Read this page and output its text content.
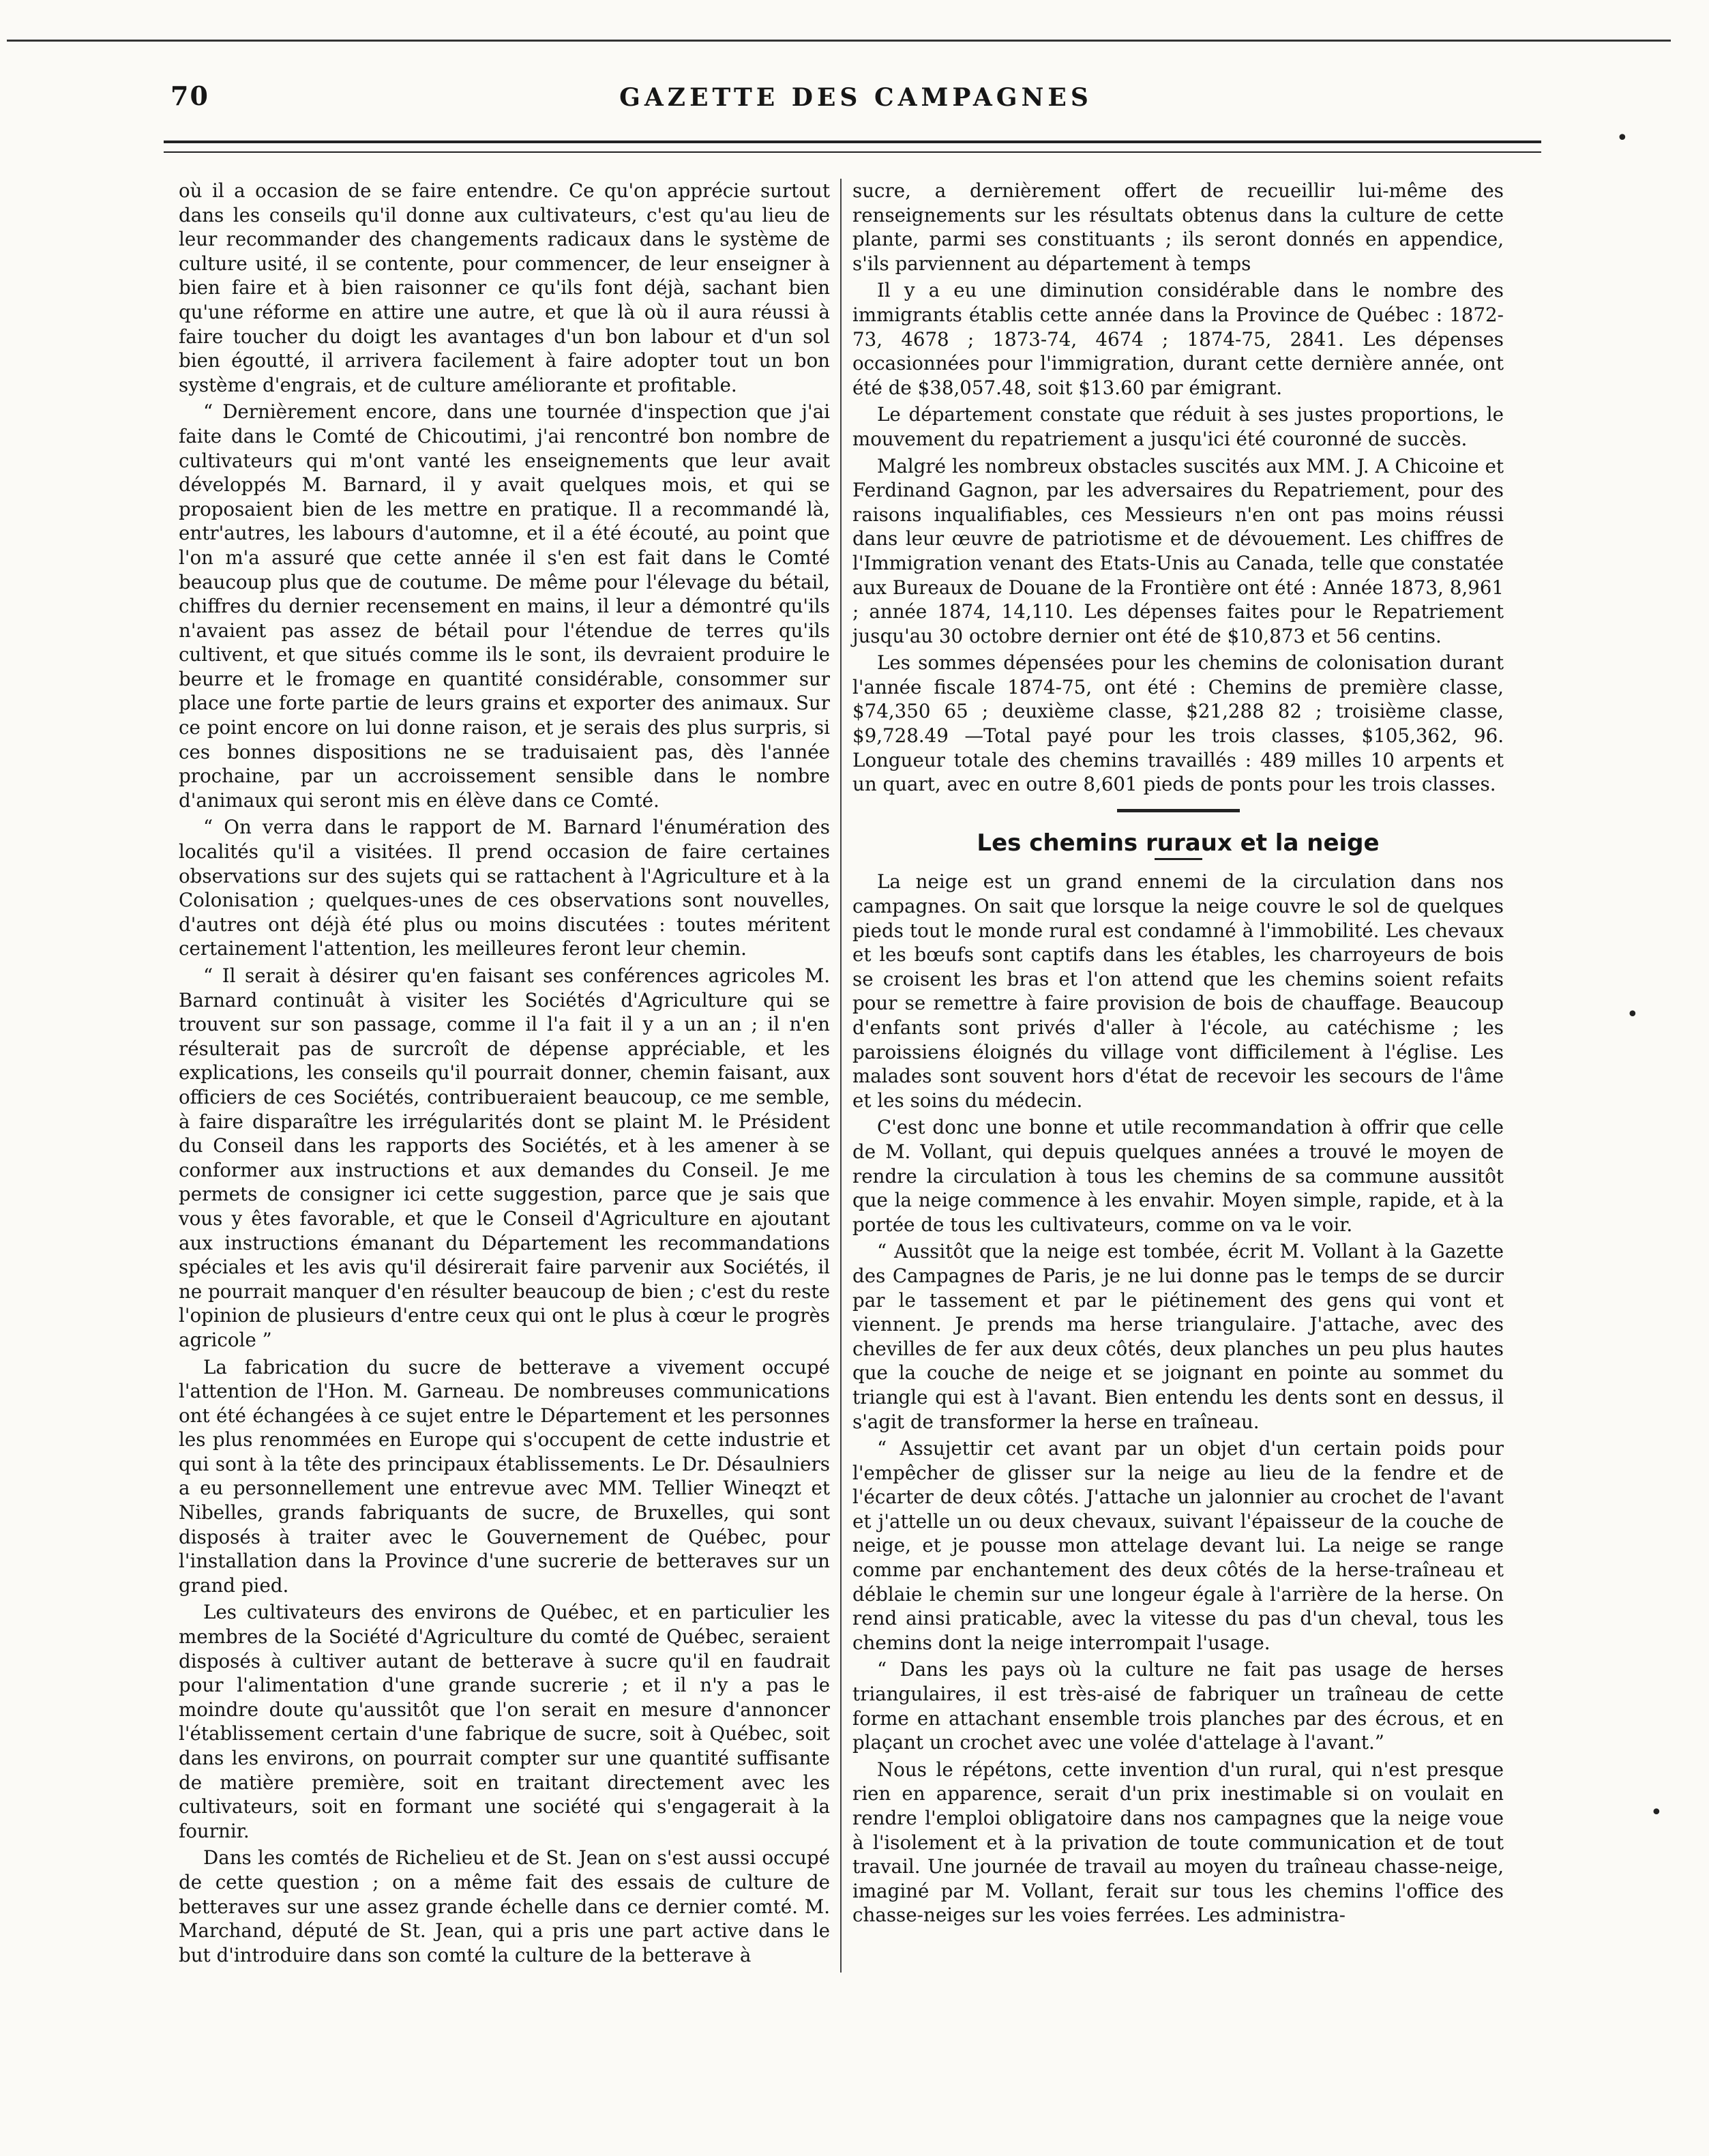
70	GAZETTE DES CAMPAGNES

où il a occasion de se faire entendre. Ce qu'on apprécie surtout dans les conseils qu'il donne aux cultivateurs, c'est qu'au lieu de leur recommander des changements radicaux dans le système de culture usité, il se contente, pour commencer, de leur enseigner à bien faire et à bien raisonner ce qu'ils font déjà, sachant bien qu'une réforme en attire une autre, et que là où il aura réussi à faire toucher du doigt les avantages d'un bon labour et d'un sol bien égoutté, il arrivera facilement à faire adopter tout un bon système d'engrais, et de culture améliorante et profitable.

“ Dernièrement encore, dans une tournée d'inspection que j'ai faite dans le Comté de Chicoutimi, j'ai rencontré bon nombre de cultivateurs qui m'ont vanté les enseignements que leur avait développés M. Barnard, il y avait quelques mois, et qui se proposaient bien de les mettre en pratique. Il a recommandé là, entr'autres, les labours d'automne, et il a été écouté, au point que l'on m'a assuré que cette année il s'en est fait dans le Comté beaucoup plus que de coutume. De même pour l'élevage du bétail, chiffres du dernier recensement en mains, il leur a démontré qu'ils n'avaient pas assez de bétail pour l'étendue de terres qu'ils cultivent, et que situés comme ils le sont, ils devraient produire le beurre et le fromage en quantité considérable, consommer sur place une forte partie de leurs grains et exporter des animaux. Sur ce point encore on lui donne raison, et je serais des plus surpris, si ces bonnes dispositions ne se traduisaient pas, dès l'année prochaine, par un accroissement sensible dans le nombre d'animaux qui seront mis en élève dans ce Comté.

“ On verra dans le rapport de M. Barnard l'énumération des localités qu'il a visitées. Il prend occasion de faire certaines observations sur des sujets qui se rattachent à l'Agriculture et à la Colonisation ; quelques-unes de ces observations sont nouvelles, d'autres ont déjà été plus ou moins discutées : toutes méritent certainement l'attention, les meilleures feront leur chemin.

“ Il serait à désirer qu'en faisant ses conférences agricoles M. Barnard continuât à visiter les Sociétés d'Agriculture qui se trouvent sur son passage, comme il l'a fait il y a un an ; il n'en résulterait pas de surcroît de dépense appréciable, et les explications, les conseils qu'il pourrait donner, chemin faisant, aux officiers de ces Sociétés, contribueraient beaucoup, ce me semble, à faire disparaître les irrégularités dont se plaint M. le Président du Conseil dans les rapports des Sociétés, et à les amener à se conformer aux instructions et aux demandes du Conseil. Je me permets de consigner ici cette suggestion, parce que je sais que vous y êtes favorable, et que le Conseil d'Agriculture en ajoutant aux instructions émanant du Département les recommandations spéciales et les avis qu'il désirerait faire parvenir aux Sociétés, il ne pourrait manquer d'en résulter beaucoup de bien ; c'est du reste l'opinion de plusieurs d'entre ceux qui ont le plus à cœur le progrès agricole ”

La fabrication du sucre de betterave a vivement occupé l'attention de l'Hon. M. Garneau. De nombreuses communications ont été échangées à ce sujet entre le Département et les personnes les plus renommées en Europe qui s'occupent de cette industrie et qui sont à la tête des principaux établissements. Le Dr. Désaulniers a eu personnellement une entrevue avec MM. Tellier Wineqzt et Nibelles, grands fabriquants de sucre, de Bruxelles, qui sont disposés à traiter avec le Gouvernement de Québec, pour l'installation dans la Province d'une sucrerie de betteraves sur un grand pied.

Les cultivateurs des environs de Québec, et en particulier les membres de la Société d'Agriculture du comté de Québec, seraient disposés à cultiver autant de betterave à sucre qu'il en faudrait pour l'alimentation d'une grande sucrerie ; et il n'y a pas le moindre doute qu'aussitôt que l'on serait en mesure d'annoncer l'établissement certain d'une fabrique de sucre, soit à Québec, soit dans les environs, on pourrait compter sur une quantité suffisante de matière première, soit en traitant directement avec les cultivateurs, soit en formant une société qui s'engagerait à la fournir.

Dans les comtés de Richelieu et de St. Jean on s'est aussi occupé de cette question ; on a même fait des essais de culture de betteraves sur une assez grande échelle dans ce dernier comté. M. Marchand, député de St. Jean, qui a pris une part active dans le but d'introduire dans son comté la culture de la betterave à

sucre, a dernièrement offert de recueillir lui-même des renseignements sur les résultats obtenus dans la culture de cette plante, parmi ses constituants ; ils seront donnés en appendice, s'ils parviennent au département à temps

Il y a eu une diminution considérable dans le nombre des immigrants établis cette année dans la Province de Québec : 1872-73, 4678 ; 1873-74, 4674 ; 1874-75, 2841. Les dépenses occasionnées pour l'immigration, durant cette dernière année, ont été de $38,057.48, soit $13.60 par émigrant.

Le département constate que réduit à ses justes proportions, le mouvement du repatriement a jusqu'ici été couronné de succès.

Malgré les nombreux obstacles suscités aux MM. J. A Chicoine et Ferdinand Gagnon, par les adversaires du Repatriement, pour des raisons inqualifiables, ces Messieurs n'en ont pas moins réussi dans leur œuvre de patriotisme et de dévouement. Les chiffres de l'Immigration venant des Etats-Unis au Canada, telle que constatée aux Bureaux de Douane de la Frontière ont été : Année 1873, 8,961 ; année 1874, 14,110. Les dépenses faites pour le Repatriement jusqu'au 30 octobre dernier ont été de $10,873 et 56 centins.

Les sommes dépensées pour les chemins de colonisation durant l'année fiscale 1874-75, ont été : Chemins de première classe, $74,350 65 ; deuxième classe, $21,288 82 ; troisième classe, $9,728.49 —Total payé pour les trois classes, $105,362, 96. Longueur totale des chemins travaillés : 489 milles 10 arpents et un quart, avec en outre 8,601 pieds de ponts pour les trois classes.

Les chemins ruraux et la neige

La neige est un grand ennemi de la circulation dans nos campagnes. On sait que lorsque la neige couvre le sol de quelques pieds tout le monde rural est condamné à l'immobilité. Les chevaux et les bœufs sont captifs dans les étables, les charroyeurs de bois se croisent les bras et l'on attend que les chemins soient refaits pour se remettre à faire provision de bois de chauffage. Beaucoup d'enfants sont privés d'aller à l'école, au catéchisme ; les paroissiens éloignés du village vont difficilement à l'église. Les malades sont souvent hors d'état de recevoir les secours de l'âme et les soins du médecin.

C'est donc une bonne et utile recommandation à offrir que celle de M. Vollant, qui depuis quelques années a trouvé le moyen de rendre la circulation à tous les chemins de sa commune aussitôt que la neige commence à les envahir. Moyen simple, rapide, et à la portée de tous les cultivateurs, comme on va le voir.

“ Aussitôt que la neige est tombée, écrit M. Vollant à la Gazette des Campagnes de Paris, je ne lui donne pas le temps de se durcir par le tassement et par le piétinement des gens qui vont et viennent. Je prends ma herse triangulaire. J'attache, avec des chevilles de fer aux deux côtés, deux planches un peu plus hautes que la couche de neige et se joignant en pointe au sommet du triangle qui est à l'avant. Bien entendu les dents sont en dessus, il s'agit de transformer la herse en traîneau.

“ Assujettir cet avant par un objet d'un certain poids pour l'empêcher de glisser sur la neige au lieu de la fendre et de l'écarter de deux côtés. J'attache un jalonnier au crochet de l'avant et j'attelle un ou deux chevaux, suivant l'épaisseur de la couche de neige, et je pousse mon attelage devant lui. La neige se range comme par enchantement des deux côtés de la herse-traîneau et déblaie le chemin sur une longeur égale à l'arrière de la herse. On rend ainsi praticable, avec la vitesse du pas d'un cheval, tous les chemins dont la neige interrompait l'usage.

“ Dans les pays où la culture ne fait pas usage de herses triangulaires, il est très-aisé de fabriquer un traîneau de cette forme en attachant ensemble trois planches par des écrous, et en plaçant un crochet avec une volée d'attelage à l'avant.”

Nous le répétons, cette invention d'un rural, qui n'est presque rien en apparence, serait d'un prix inestimable si on voulait en rendre l'emploi obligatoire dans nos campagnes que la neige voue à l'isolement et à la privation de toute communication et de tout travail. Une journée de travail au moyen du traîneau chasse-neige, imaginé par M. Vollant, ferait sur tous les chemins l'office des chasse-neiges sur les voies ferrées. Les administra-

•
•
•
